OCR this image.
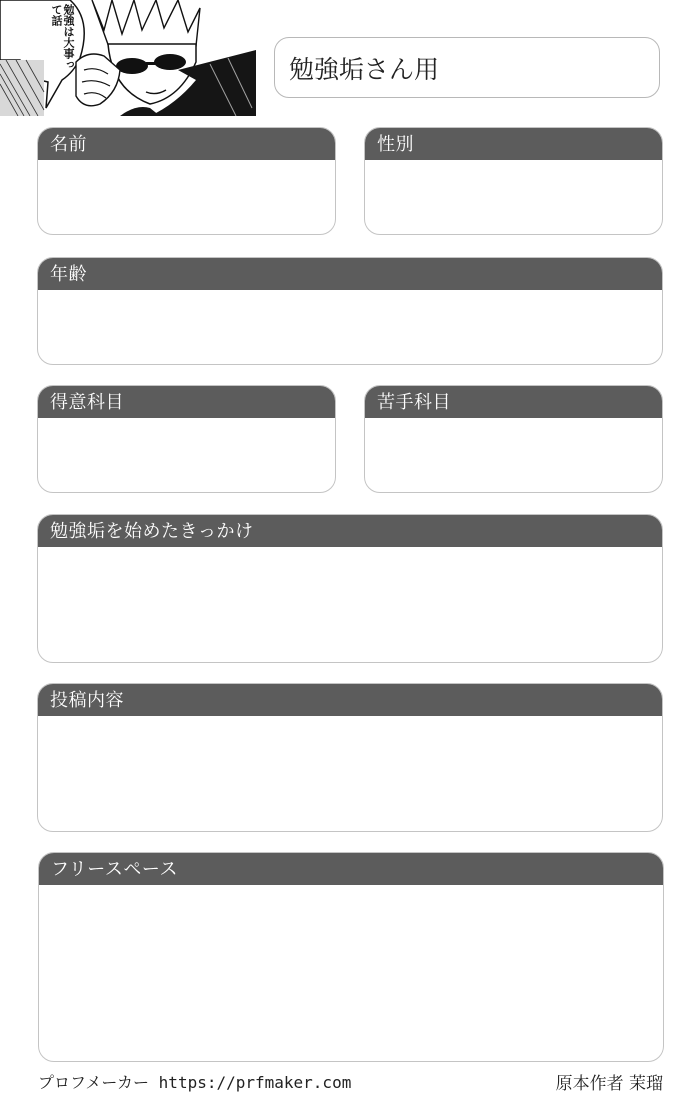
勉強は大事って話
勉強垢さん用
名前	性別
年齢
得意科目	苦手科目
勉強垢を始めたきっかけ
投稿内容
フリースペース
プロフメーカー https://prfmaker.com	原本作者 茉瑠
